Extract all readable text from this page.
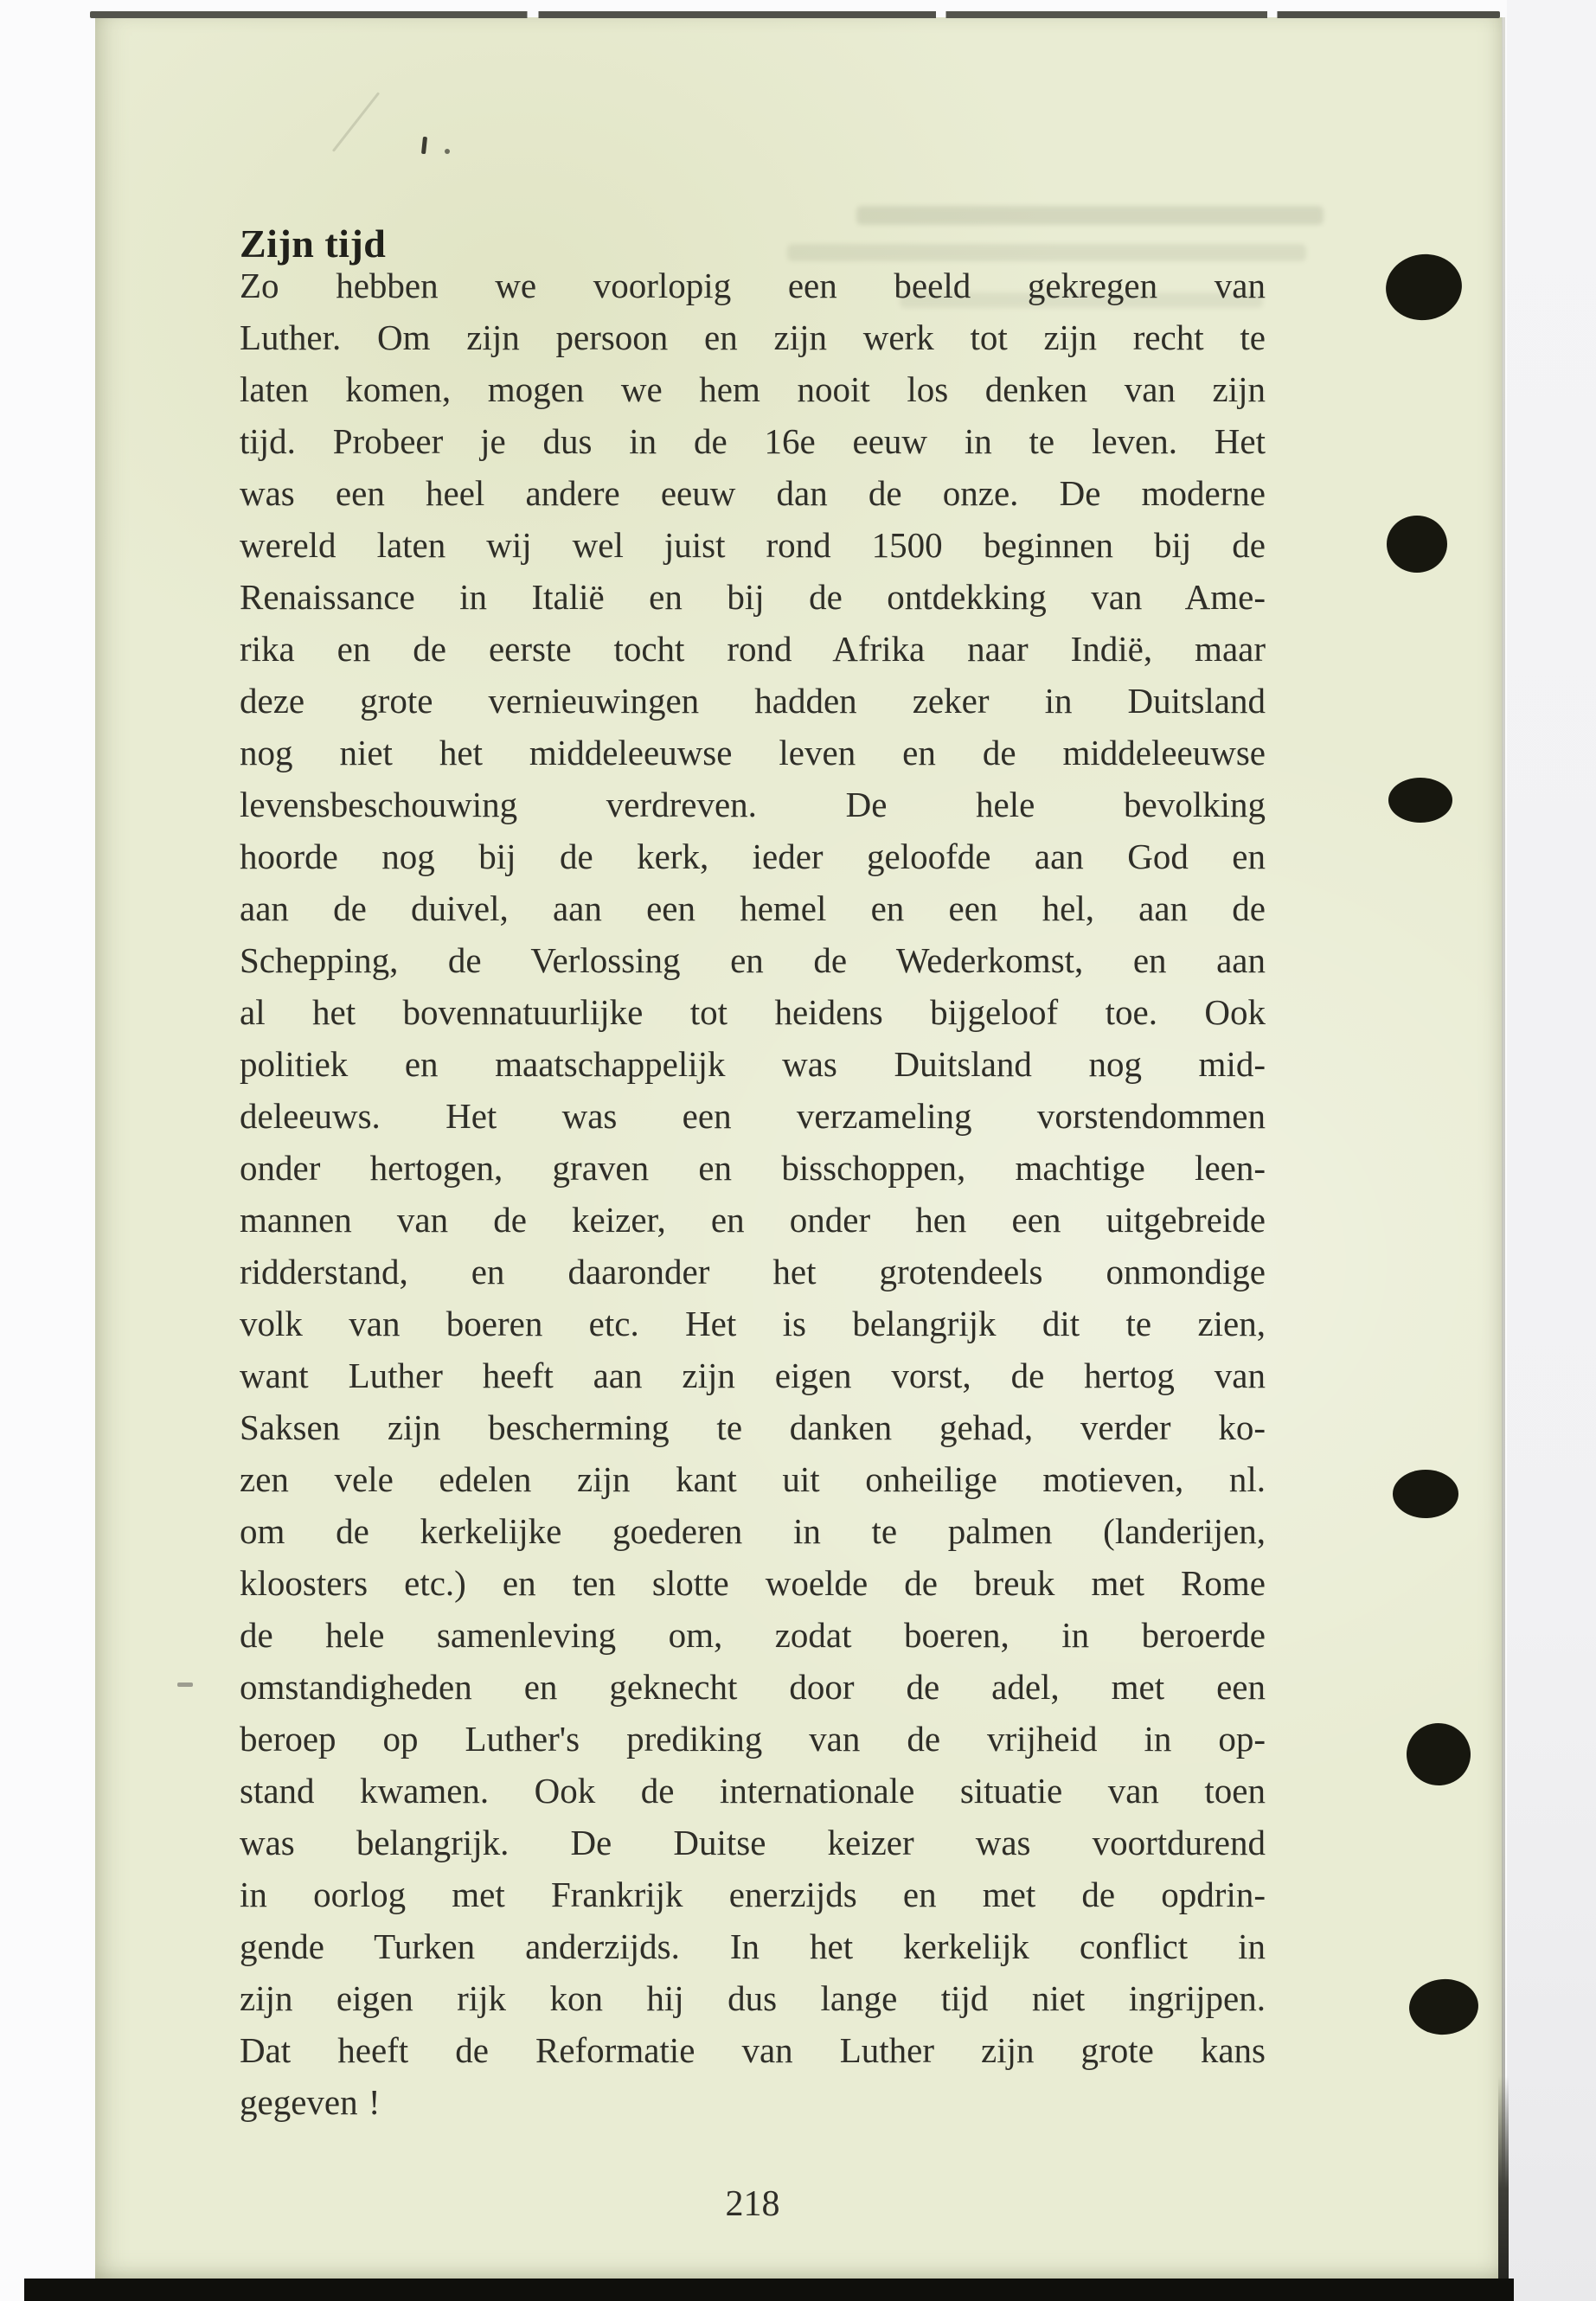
Zijn tijd
Zo hebben we voorlopig een beeld gekregen van
Luther. Om zijn persoon en zijn werk tot zijn recht te
laten komen, mogen we hem nooit los denken van zijn
tijd. Probeer je dus in de 16e eeuw in te leven. Het
was een heel andere eeuw dan de onze. De moderne
wereld laten wij wel juist rond 1500 beginnen bij de
Renaissance in Italië en bij de ontdekking van Ame-
rika en de eerste tocht rond Afrika naar Indië, maar
deze grote vernieuwingen hadden zeker in Duitsland
nog niet het middeleeuwse leven en de middeleeuwse
levensbeschouwing verdreven. De hele bevolking
hoorde nog bij de kerk, ieder geloofde aan God en
aan de duivel, aan een hemel en een hel, aan de
Schepping, de Verlossing en de Wederkomst, en aan
al het bovennatuurlijke tot heidens bijgeloof toe. Ook
politiek en maatschappelijk was Duitsland nog mid-
deleeuws. Het was een verzameling vorstendommen
onder hertogen, graven en bisschoppen, machtige leen-
mannen van de keizer, en onder hen een uitgebreide
ridderstand, en daaronder het grotendeels onmondige
volk van boeren etc. Het is belangrijk dit te zien,
want Luther heeft aan zijn eigen vorst, de hertog van
Saksen zijn bescherming te danken gehad, verder ko-
zen vele edelen zijn kant uit onheilige motieven, nl.
om de kerkelijke goederen in te palmen (landerijen,
kloosters etc.) en ten slotte woelde de breuk met Rome
de hele samenleving om, zodat boeren, in beroerde
omstandigheden en geknecht door de adel, met een
beroep op Luther's prediking van de vrijheid in op-
stand kwamen. Ook de internationale situatie van toen
was belangrijk. De Duitse keizer was voortdurend
in oorlog met Frankrijk enerzijds en met de opdrin-
gende Turken anderzijds. In het kerkelijk conflict in
zijn eigen rijk kon hij dus lange tijd niet ingrijpen.
Dat heeft de Reformatie van Luther zijn grote kans
gegeven !
218
